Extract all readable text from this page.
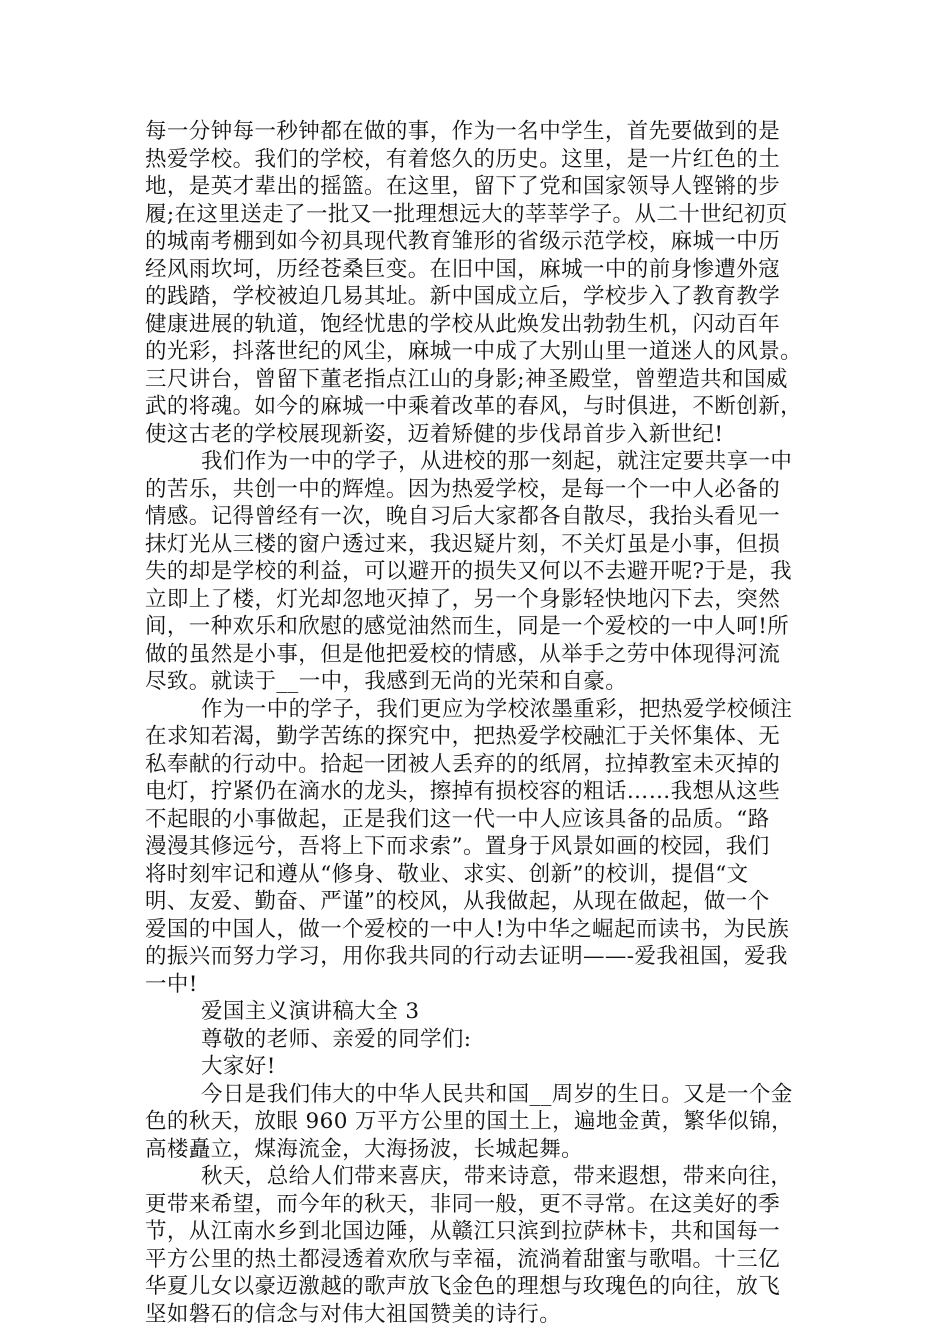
每一分钟每一秒钟都在做的事，作为一名中学生，首先要做到的是
热爱学校。我们的学校，有着悠久的历史。这里，是一片红色的土
地，是英才辈出的摇篮。在这里，留下了党和国家领导人铿锵的步
履;在这里送走了一批又一批理想远大的莘莘学子。从二十世纪初页
的城南考棚到如今初具现代教育雏形的省级示范学校，麻城一中历
经风雨坎坷，历经苍桑巨变。在旧中国，麻城一中的前身惨遭外寇
的践踏，学校被迫几易其址。新中国成立后，学校步入了教育教学
健康进展的轨道，饱经忧患的学校从此焕发出勃勃生机，闪动百年
的光彩，抖落世纪的风尘，麻城一中成了大别山里一道迷人的风景。
三尺讲台，曾留下董老指点江山的身影;神圣殿堂，曾塑造共和国威
武的将魂。如今的麻城一中乘着改革的春风，与时俱进，不断创新，
使这古老的学校展现新姿，迈着矫健的步伐昂首步入新世纪!
我们作为一中的学子，从进校的那一刻起，就注定要共享一中
的苦乐，共创一中的辉煌。因为热爱学校，是每一个一中人必备的
情感。记得曾经有一次，晚自习后大家都各自散尽，我抬头看见一
抹灯光从三楼的窗户透过来，我迟疑片刻，不关灯虽是小事，但损
失的却是学校的利益，可以避开的损失又何以不去避开呢?于是，我
立即上了楼，灯光却忽地灭掉了，另一个身影轻快地闪下去，突然
间，一种欢乐和欣慰的感觉油然而生，同是一个爱校的一中人呵!所
做的虽然是小事，但是他把爱校的情感，从举手之劳中体现得河流
尽致。就读于__一中，我感到无尚的光荣和自豪。
作为一中的学子，我们更应为学校浓墨重彩，把热爱学校倾注
在求知若渴，勤学苦练的探究中，把热爱学校融汇于关怀集体、无
私奉献的行动中。拾起一团被人丢弃的的纸屑，拉掉教室未灭掉的
电灯，拧紧仍在滴水的龙头，擦掉有损校容的粗话……我想从这些
不起眼的小事做起，正是我们这一代一中人应该具备的品质。“路
漫漫其修远兮，吾将上下而求索”。置身于风景如画的校园，我们
将时刻牢记和遵从“修身、敬业、求实、创新”的校训，提倡“文
明、友爱、勤奋、严谨”的校风，从我做起，从现在做起，做一个
爱国的中国人，做一个爱校的一中人!为中华之崛起而读书，为民族
的振兴而努力学习，用你我共同的行动去证明——-爱我祖国，爱我
一中!
爱国主义演讲稿大全 3
尊敬的老师、亲爱的同学们:
大家好!
今日是我们伟大的中华人民共和国__周岁的生日。又是一个金
色的秋天，放眼 960 万平方公里的国土上，遍地金黄，繁华似锦，
高楼矗立，煤海流金，大海扬波，长城起舞。
秋天，总给人们带来喜庆，带来诗意，带来遐想，带来向往，
更带来希望，而今年的秋天，非同一般，更不寻常。在这美好的季
节，从江南水乡到北国边陲，从赣江只滨到拉萨林卡，共和国每一
平方公里的热土都浸透着欢欣与幸福，流淌着甜蜜与歌唱。十三亿
华夏儿女以豪迈激越的歌声放飞金色的理想与玫瑰色的向往，放飞
坚如磐石的信念与对伟大祖国赞美的诗行。
